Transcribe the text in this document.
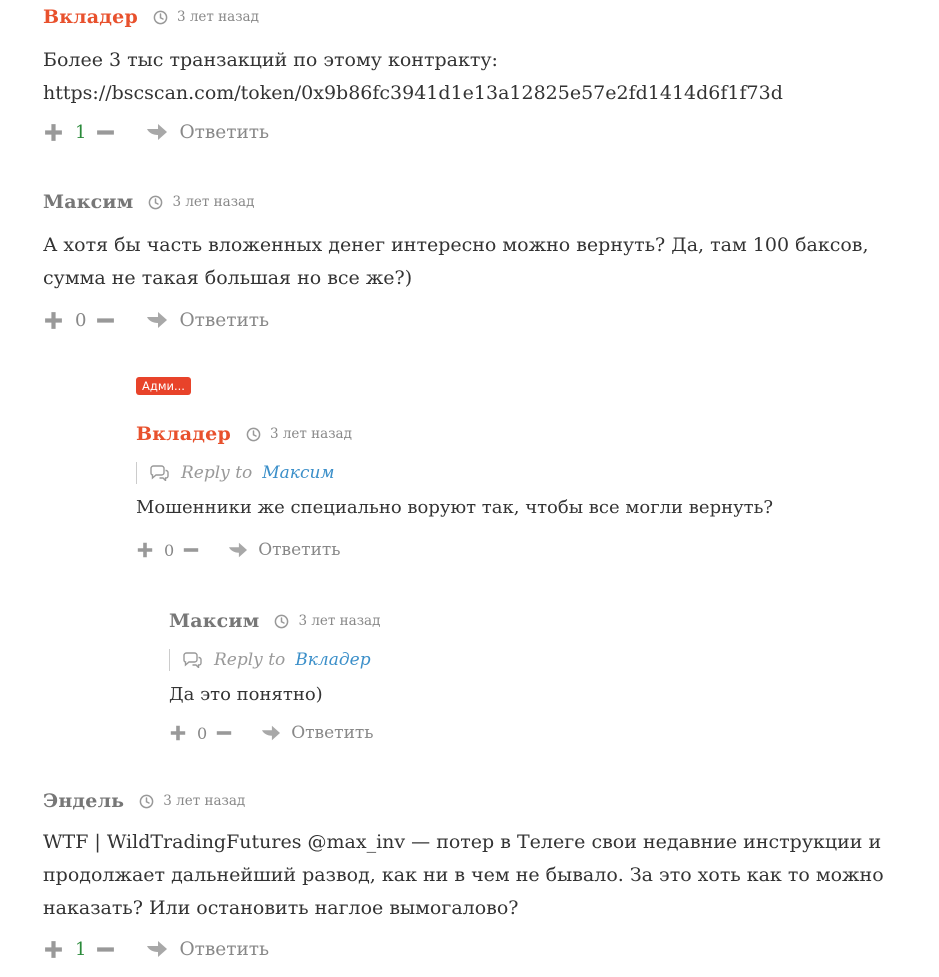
Вкладер	3 лет назад
Более 3 тыс транзакций по этому контракту:
https://bscscan.com/token/0x9b86fc3941d1e13a12825e57e2fd1414d6f1f73d
1	Ответить
Максим	3 лет назад
А хотя бы часть вложенных денег интересно можно вернуть? Да, там 100 баксов,
сумма не такая большая но все же?)
0	Ответить
Адми...
Вкладер	3 лет назад
Reply to Максим
Мошенники же специально воруют так, чтобы все могли вернуть?
0	Ответить
Максим	3 лет назад
Reply to Вкладер
Да это понятно)
0	Ответить
Эндель	3 лет назад
WTF | WildTradingFutures @max_inv — потер в Телеге свои недавние инструкции и
продолжает дальнейший развод, как ни в чем не бывало. За это хоть как то можно
наказать? Или остановить наглое вымогалово?
1	Ответить
